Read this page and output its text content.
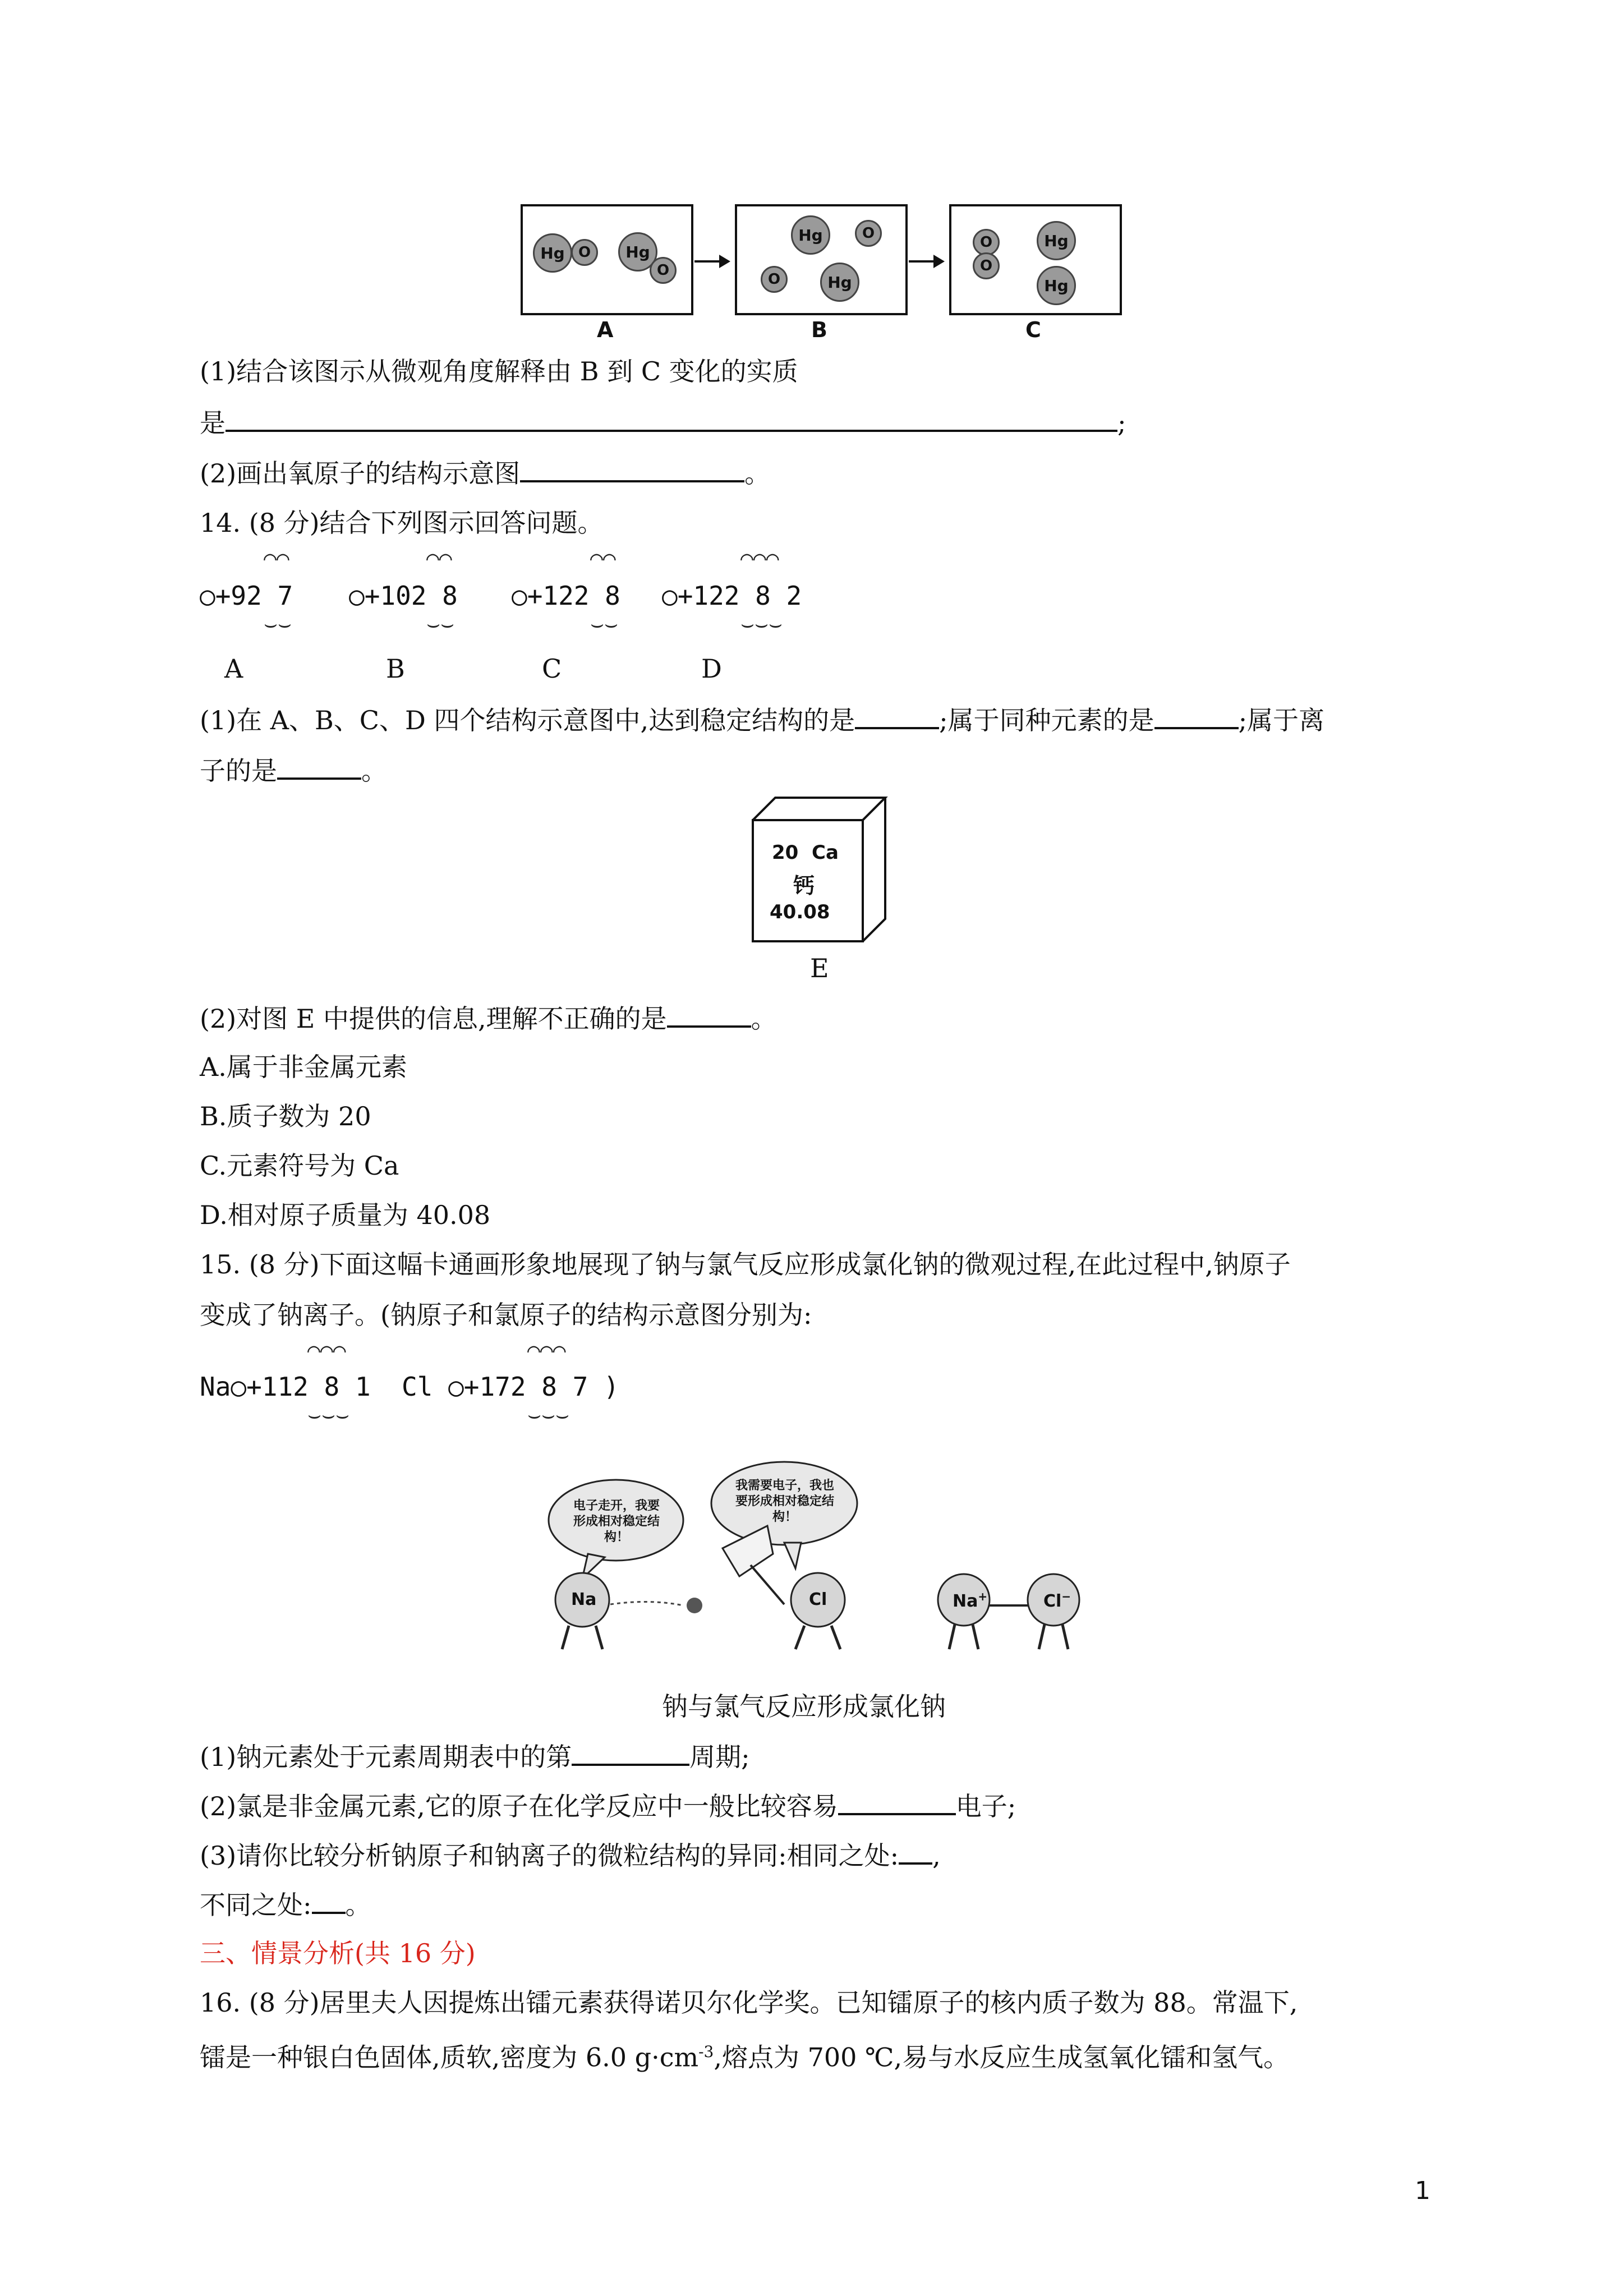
Hg O	Hg
O
Hg	O
O	Hg
O
O
Hg
Hg
A	B	C
(1)结合该图示从微观角度解释由 B 到 C 变化的实质
是	;
(2)画出氧原子的结构示意图	。
14. (8 分)结合下列图示回答问题。
⌒⌒	⌒⌒	⌒⌒	⌒⌒⌒
○+92 7 ○+102 8 ○+122 8 ○+122 8 2
⌣⌣	⌣⌣	⌣⌣	⌣⌣⌣
A	B	C	D
(1)在 A、B、C、D 四个结构示意图中,达到稳定结构的是	;属于同种元素的是	;属于离
子的是	。
20 Ca
钙
40.08
E
(2)对图 E 中提供的信息,理解不正确的是	。
A.属于非金属元素
B.质子数为 20
C.元素符号为 Ca
D.相对原子质量为 40.08
15. (8 分)下面这幅卡通画形象地展现了钠与氯气反应形成氯化钠的微观过程,在此过程中,钠原子
变成了钠离子。(钠原子和氯原子的结构示意图分别为:
⌒⌒⌒	⌒⌒⌒
Na○+112 8 1 Cl ○+172 8 7 )
⌣⌣⌣	⌣⌣⌣
电子走开，我要形成相对稳定结构！
我需要电子，我也要形成相对稳定结构！
Na	Cl	Na+	Cl−
钠与氯气反应形成氯化钠
(1)钠元素处于元素周期表中的第	周期;
(2)氯是非金属元素,它的原子在化学反应中一般比较容易	电子;
(3)请你比较分析钠原子和钠离子的微粒结构的异同:相同之处: ,
不同之处: 。
三、情景分析(共 16 分)
16. (8 分)居里夫人因提炼出镭元素获得诺贝尔化学奖。已知镭原子的核内质子数为 88。常温下,
镭是一种银白色固体,质软,密度为 6.0 $g\cdot cm^{-3}$,熔点为 700 ℃,易与水反应生成氢氧化镭和氢气。
1
